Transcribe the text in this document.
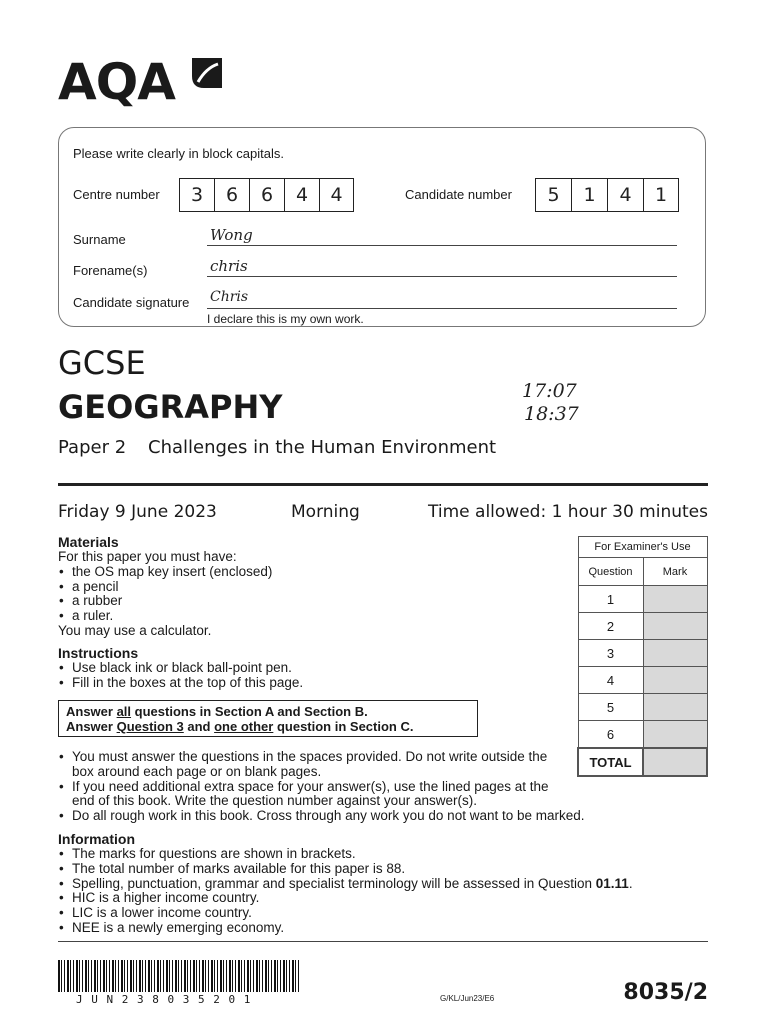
AQA
Please write clearly in block capitals.
Centre number	3	6	6	4	4	Candidate number	5	1	4	1
Surname	Wong
Forename(s)	chris
Candidate signature Chris
I declare this is my own work.
17:07
18:37
GCSE
GEOGRAPHY
Paper 2 Challenges in the Human Environment
Friday 9 June 2023	Morning	Time allowed: 1 hour 30 minutes
Materials
For this paper you must have:
• the OS map key insert (enclosed)
• a pencil
• a rubber
• a ruler.
You may use a calculator.
Instructions
• Use black ink or black ball-point pen.
• Fill in the boxes at the top of this page.
Answer all questions in Section A and Section B.
Answer Question 3 and one other question in Section C.
• You must answer the questions in the spaces provided. Do not write outside the box around each page or on blank pages.
• If you need additional extra space for your answer(s), use the lined pages at the end of this book. Write the question number against your answer(s).
• Do all rough work in this book. Cross through any work you do not want to be marked.
Information
• The marks for questions are shown in brackets.
• The total number of marks available for this paper is 88.
• Spelling, punctuation, grammar and specialist terminology will be assessed in Question 01.11.
• HIC is a higher income country.
• LIC is a lower income country.
• NEE is a newly emerging economy.
For Examiner's Use	
Question	Mark
1	
2	
3	
4	
5	
6	
TOTAL	
J U N 2 3 8 0 3 5 2 0 1	G/KL/Jun23/E6	8035/2
